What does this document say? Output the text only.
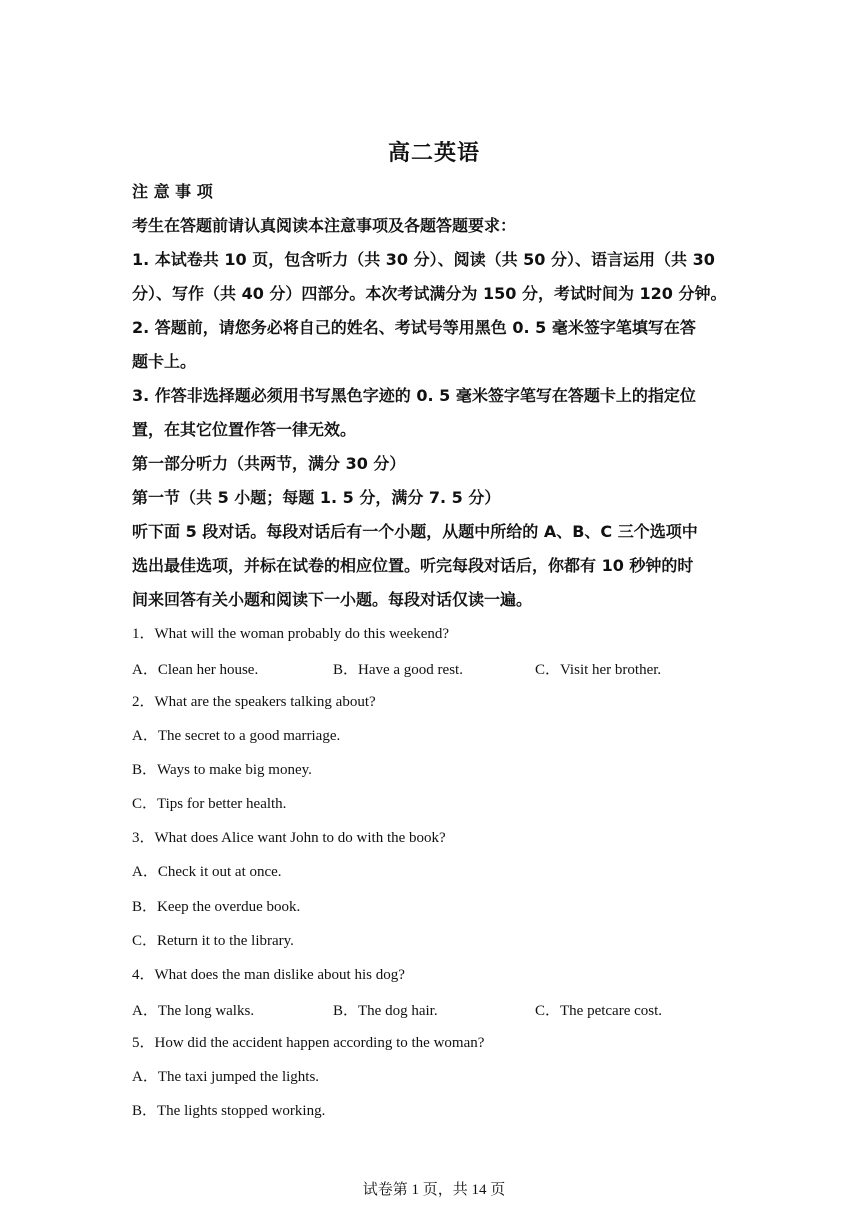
高二英语
注 意 事 项
考生在答题前请认真阅读本注意事项及各题答题要求：
1. 本试卷共 10 页，包含听力（共 30 分）、阅读（共 50 分）、语言运用（共 30
分）、写作（共 40 分）四部分。本次考试满分为 150 分，考试时间为 120 分钟。
2. 答题前，请您务必将自己的姓名、考试号等用黑色 0. 5 毫米签字笔填写在答
题卡上。
3. 作答非选择题必须用书写黑色字迹的 0. 5 毫米签字笔写在答题卡上的指定位
置，在其它位置作答一律无效。
第一部分听力（共两节，满分 30 分）
第一节（共 5 小题；每题 1. 5 分，满分 7. 5 分）
听下面 5 段对话。每段对话后有一个小题，从题中所给的 A、B、C 三个选项中
选出最佳选项，并标在试卷的相应位置。听完每段对话后，你都有 10 秒钟的时
间来回答有关小题和阅读下一小题。每段对话仅读一遍。
1．What will the woman probably do this weekend?
A．Clean her house.	B．Have a good rest.	C．Visit her brother.
2．What are the speakers talking about?
A．The secret to a good marriage.
B．Ways to make big money.
C．Tips for better health.
3．What does Alice want John to do with the book?
A．Check it out at once.
B．Keep the overdue book.
C．Return it to the library.
4．What does the man dislike about his dog?
A．The long walks.	B．The dog hair.	C．The petcare cost.
5．How did the accident happen according to the woman?
A．The taxi jumped the lights.
B．The lights stopped working.
试卷第 1 页，共 14 页
